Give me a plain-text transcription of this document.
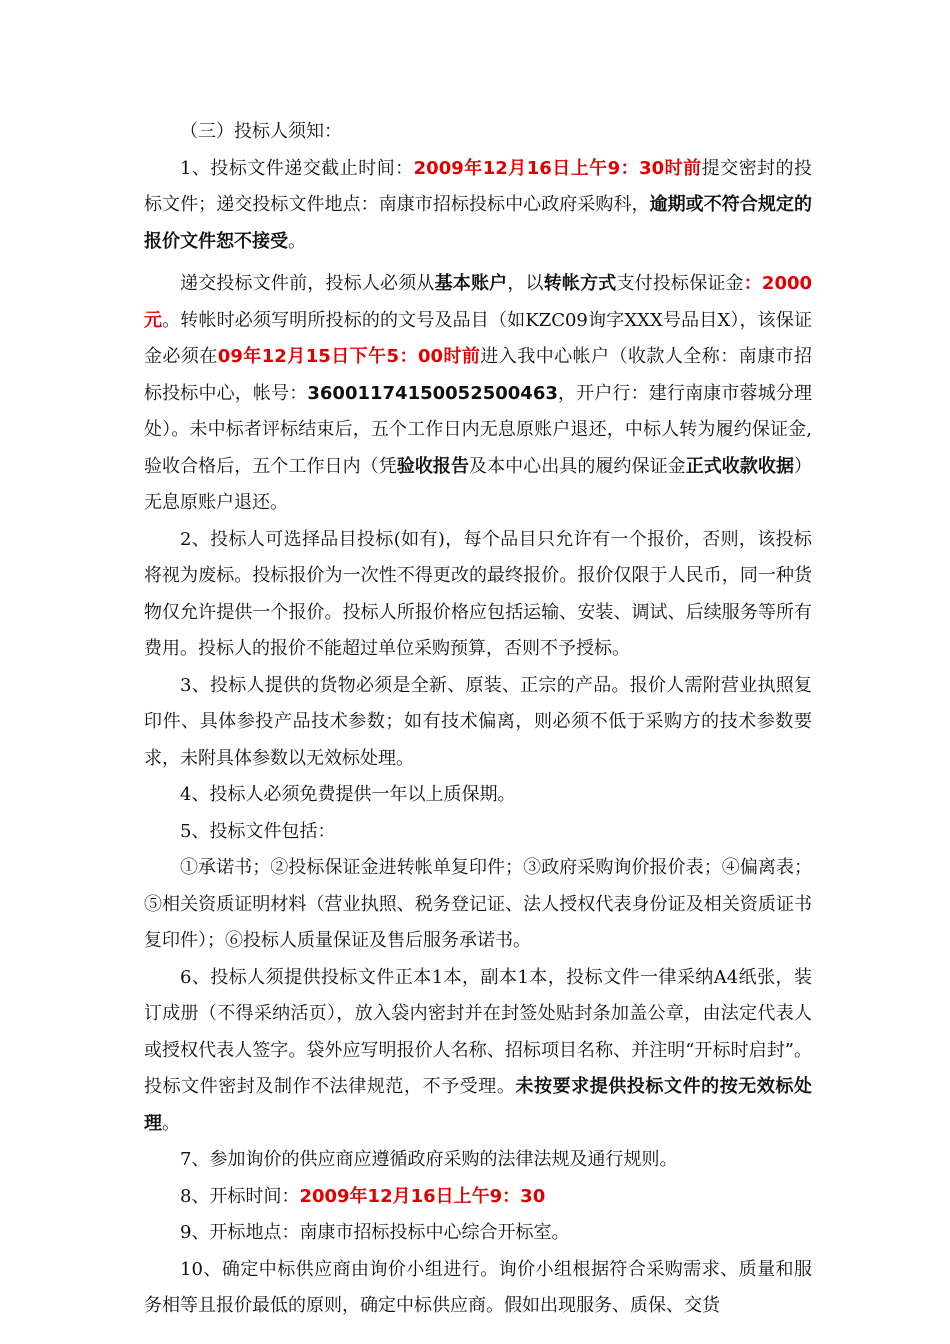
（三）投标人须知：

1、投标文件递交截止时间：2009年12月16日上午9：30时前提交密封的投标文件；递交投标文件地点：南康市招标投标中心政府采购科，逾期或不符合规定的报价文件恕不接受。

递交投标文件前，投标人必须从基本账户，以转帐方式支付投标保证金：2000元。转帐时必须写明所投标的的文号及品目（如KZC09询字XXX号品目X），该保证金必须在09年12月15日下午5：00时前进入我中心帐户（收款人全称：南康市招标投标中心，帐号：36001174150052500463，开户行：建行南康市蓉城分理处）。未中标者评标结束后，五个工作日内无息原账户退还，中标人转为履约保证金,验收合格后，五个工作日内（凭验收报告及本中心出具的履约保证金正式收款收据）无息原账户退还。

2、投标人可选择品目投标(如有)，每个品目只允许有一个报价，否则，该投标将视为废标。投标报价为一次性不得更改的最终报价。报价仅限于人民币，同一种货物仅允许提供一个报价。投标人所报价格应包括运输、安装、调试、后续服务等所有费用。投标人的报价不能超过单位采购预算，否则不予授标。

3、投标人提供的货物必须是全新、原装、正宗的产品。报价人需附营业执照复印件、具体参投产品技术参数；如有技术偏离，则必须不低于采购方的技术参数要求，未附具体参数以无效标处理。

4、投标人必须免费提供一年以上质保期。

5、投标文件包括：

①承诺书；②投标保证金进转帐单复印件；③政府采购询价报价表；④偏离表；⑤相关资质证明材料（营业执照、税务登记证、法人授权代表身份证及相关资质证书复印件）；⑥投标人质量保证及售后服务承诺书。

6、投标人须提供投标文件正本1本，副本1本，投标文件一律采纳A4纸张，装订成册（不得采纳活页），放入袋内密封并在封签处贴封条加盖公章，由法定代表人或授权代表人签字。袋外应写明报价人名称、招标项目名称、并注明“开标时启封”。投标文件密封及制作不法律规范，不予受理。未按要求提供投标文件的按无效标处理。

7、参加询价的供应商应遵循政府采购的法律法规及通行规则。

8、开标时间：2009年12月16日上午9：30

9、开标地点：南康市招标投标中心综合开标室。

10、确定中标供应商由询价小组进行。询价小组根据符合采购需求、质量和服务相等且报价最低的原则，确定中标供应商。假如出现服务、质保、交货
